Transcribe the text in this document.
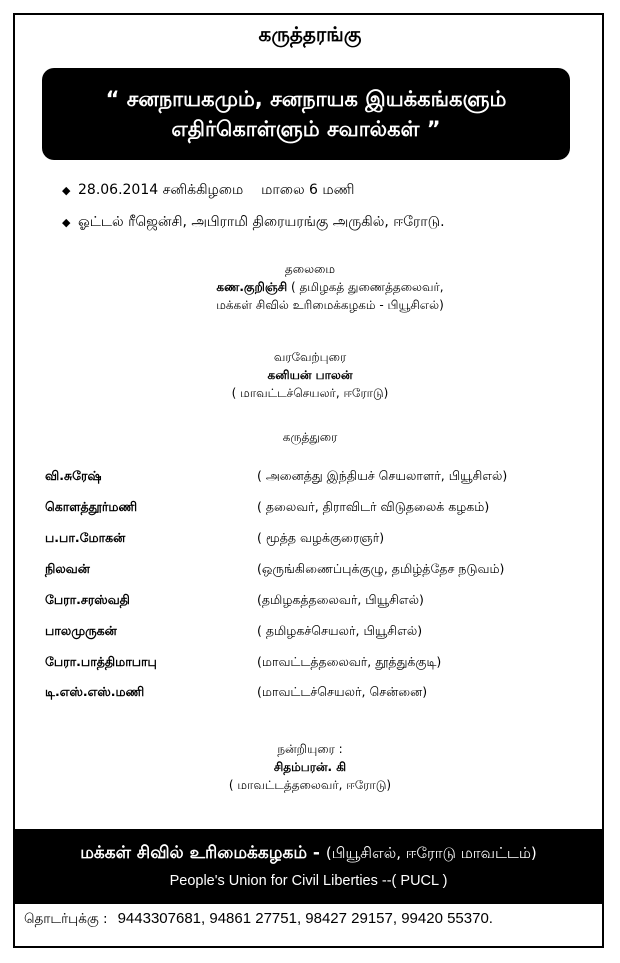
கருத்தரங்கு
“ சனநாயகமும், சனநாயக இயக்கங்களும்
எதிர்கொள்ளும் சவால்கள் ”
◆ 28.06.2014 சனிக்கிழமை    மாலை 6 மணி
◆ ஓட்டல் ரீஜென்சி, அபிராமி திரையரங்கு அருகில், ஈரோடு.
தலைமை
கண.குறிஞ்சி ( தமிழகத் துணைத்தலைவர்,
மக்கள் சிவில் உரிமைக்கழகம் - பியூசிஎல்)
வரவேற்புரை
கனியன் பாலன்
( மாவட்டச்செயலர், ஈரோடு)
கருத்துரை
வி.சுரேஷ்	( அனைத்து இந்தியச் செயலாளர், பியூசிஎல்)
கொளத்தூர்மணி	( தலைவர், திராவிடர் விடுதலைக் கழகம்)
ப.பா.மோகன்	( மூத்த வழக்குரைஞர்)
நிலவன்	(ஒருங்கிணைப்புக்குழு, தமிழ்த்தேச நடுவம்)
பேரா.சரஸ்வதி	(தமிழகத்தலைவர், பியூசிஎல்)
பாலமுருகன்	( தமிழகச்செயலர், பியூசிஎல்)
பேரா.பாத்திமாபாபு	(மாவட்டத்தலைவர், தூத்துக்குடி)
டி.எஸ்.எஸ்.மணி	(மாவட்டச்செயலர், சென்னை)
நன்றியுரை :
சிதம்பரன். கி
( மாவட்டத்தலைவர், ஈரோடு)
மக்கள் சிவில் உரிமைக்கழகம் - (பியூசிஎல், ஈரோடு மாவட்டம்)
People's Union for Civil Liberties --( PUCL )
தொடர்புக்கு : 9443307681, 94861 27751, 98427 29157, 99420 55370.
